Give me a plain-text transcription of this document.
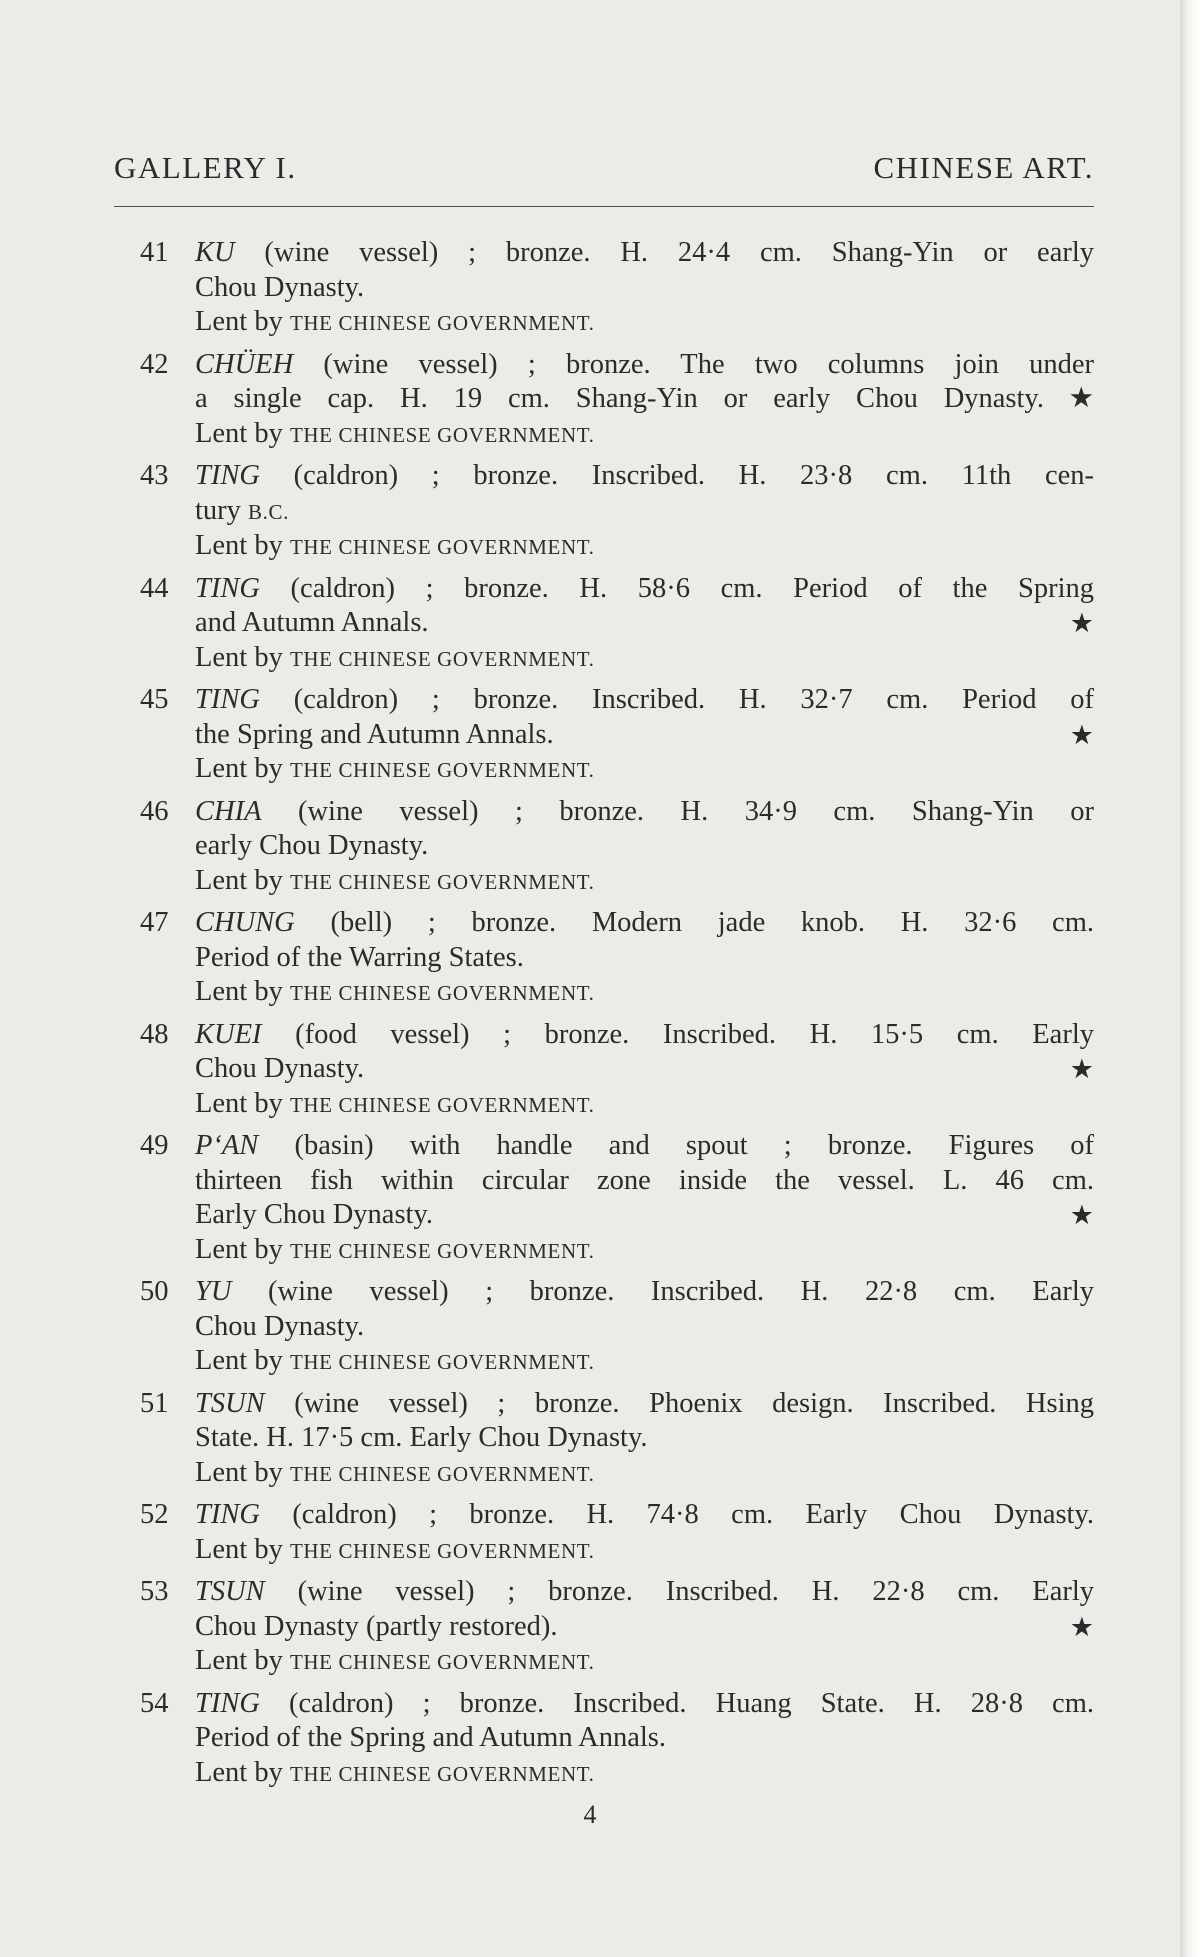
GALLERY I.	CHINESE ART.
41 KU (wine vessel) ; bronze. H. 24·4 cm. Shang-Yin or early
Chou Dynasty.
Lent by THE CHINESE GOVERNMENT.
42 CHÜEH (wine vessel) ; bronze. The two columns join under
a single cap. H. 19 cm. Shang-Yin or early Chou Dynasty.  ★
Lent by THE CHINESE GOVERNMENT.
43 TING (caldron) ; bronze. Inscribed. H. 23·8 cm. 11th cen-
tury B.C.
Lent by THE CHINESE GOVERNMENT.
44 TING (caldron) ; bronze. H. 58·6 cm. Period of the Spring
and Autumn Annals.	★
Lent by THE CHINESE GOVERNMENT.
45 TING (caldron) ; bronze. Inscribed. H. 32·7 cm. Period of
the Spring and Autumn Annals.	★
Lent by THE CHINESE GOVERNMENT.
46 CHIA (wine vessel) ; bronze. H. 34·9 cm. Shang-Yin or
early Chou Dynasty.
Lent by THE CHINESE GOVERNMENT.
47 CHUNG (bell) ; bronze. Modern jade knob. H. 32·6 cm.
Period of the Warring States.
Lent by THE CHINESE GOVERNMENT.
48 KUEI (food vessel) ; bronze. Inscribed. H. 15·5 cm. Early
Chou Dynasty.	★
Lent by THE CHINESE GOVERNMENT.
49 P‘AN (basin) with handle and spout ; bronze. Figures of
thirteen fish within circular zone inside the vessel. L. 46 cm.
Early Chou Dynasty.	★
Lent by THE CHINESE GOVERNMENT.
50 YU (wine vessel) ; bronze. Inscribed. H. 22·8 cm. Early
Chou Dynasty.
Lent by THE CHINESE GOVERNMENT.
51 TSUN (wine vessel) ; bronze. Phoenix design. Inscribed. Hsing
State. H. 17·5 cm. Early Chou Dynasty.
Lent by THE CHINESE GOVERNMENT.
52 TING (caldron) ; bronze. H. 74·8 cm. Early Chou Dynasty.
Lent by THE CHINESE GOVERNMENT.
53 TSUN (wine vessel) ; bronze. Inscribed. H. 22·8 cm. Early
Chou Dynasty (partly restored).	★
Lent by THE CHINESE GOVERNMENT.
54 TING (caldron) ; bronze. Inscribed. Huang State. H. 28·8 cm.
Period of the Spring and Autumn Annals.
Lent by THE CHINESE GOVERNMENT.
4
